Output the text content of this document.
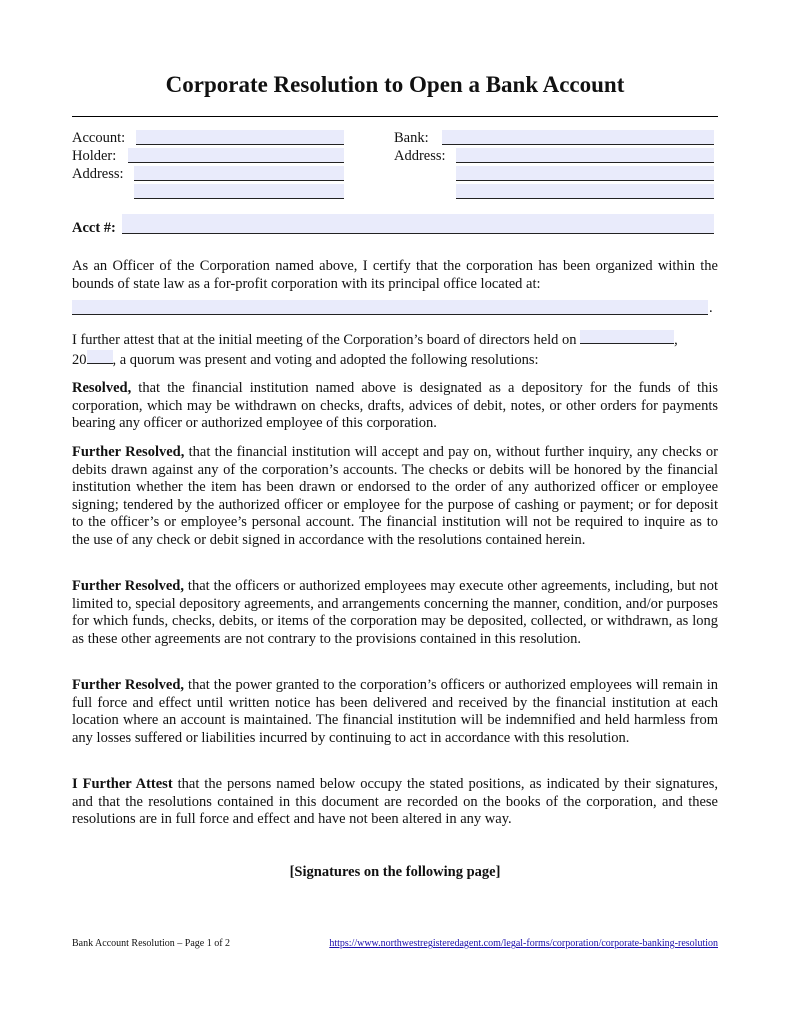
Corporate Resolution to Open a Bank Account
Account:
Holder:
Address:
Bank:
Address:
Acct #:

As an Officer of the Corporation named above, I certify that the corporation has been organized within the bounds of state law as a for-profit corporation with its principal office located at:

.

I further attest that at the initial meeting of the Corporation’s board of directors held on	,
20 , a quorum was present and voting and adopted the following resolutions:

Resolved, that the financial institution named above is designated as a depository for the funds of this corporation, which may be withdrawn on checks, drafts, advices of debit, notes, or other orders for payments bearing any officer or authorized employee of this corporation.

Further Resolved, that the financial institution will accept and pay on, without further inquiry, any checks or debits drawn against any of the corporation’s accounts. The checks or debits will be honored by the financial institution whether the item has been drawn or endorsed to the order of any authorized officer or employee signing; tendered by the authorized officer or employee for the purpose of cashing or payment; or for deposit to the officer’s or employee’s personal account. The financial institution will not be required to inquire as to the use of any check or debit signed in accordance with the resolutions contained herein.

Further Resolved, that the officers or authorized employees may execute other agreements, including, but not limited to, special depository agreements, and arrangements concerning the manner, condition, and/or purposes for which funds, checks, debits, or items of the corporation may be deposited, collected, or withdrawn, as long as these other agreements are not contrary to the provisions contained in this resolution.

Further Resolved, that the power granted to the corporation’s officers or authorized employees will remain in full force and effect until written notice has been delivered and received by the financial institution at each location where an account is maintained. The financial institution will be indemnified and held harmless from any losses suffered or liabilities incurred by continuing to act in accordance with this resolution.

I Further Attest that the persons named below occupy the stated positions, as indicated by their signatures, and that the resolutions contained in this document are recorded on the books of the corporation, and these resolutions are in full force and effect and have not been altered in any way.

[Signatures on the following page]
Bank Account Resolution – Page 1 of 2	https://www.northwestregisteredagent.com/legal-forms/corporation/corporate-banking-resolution
